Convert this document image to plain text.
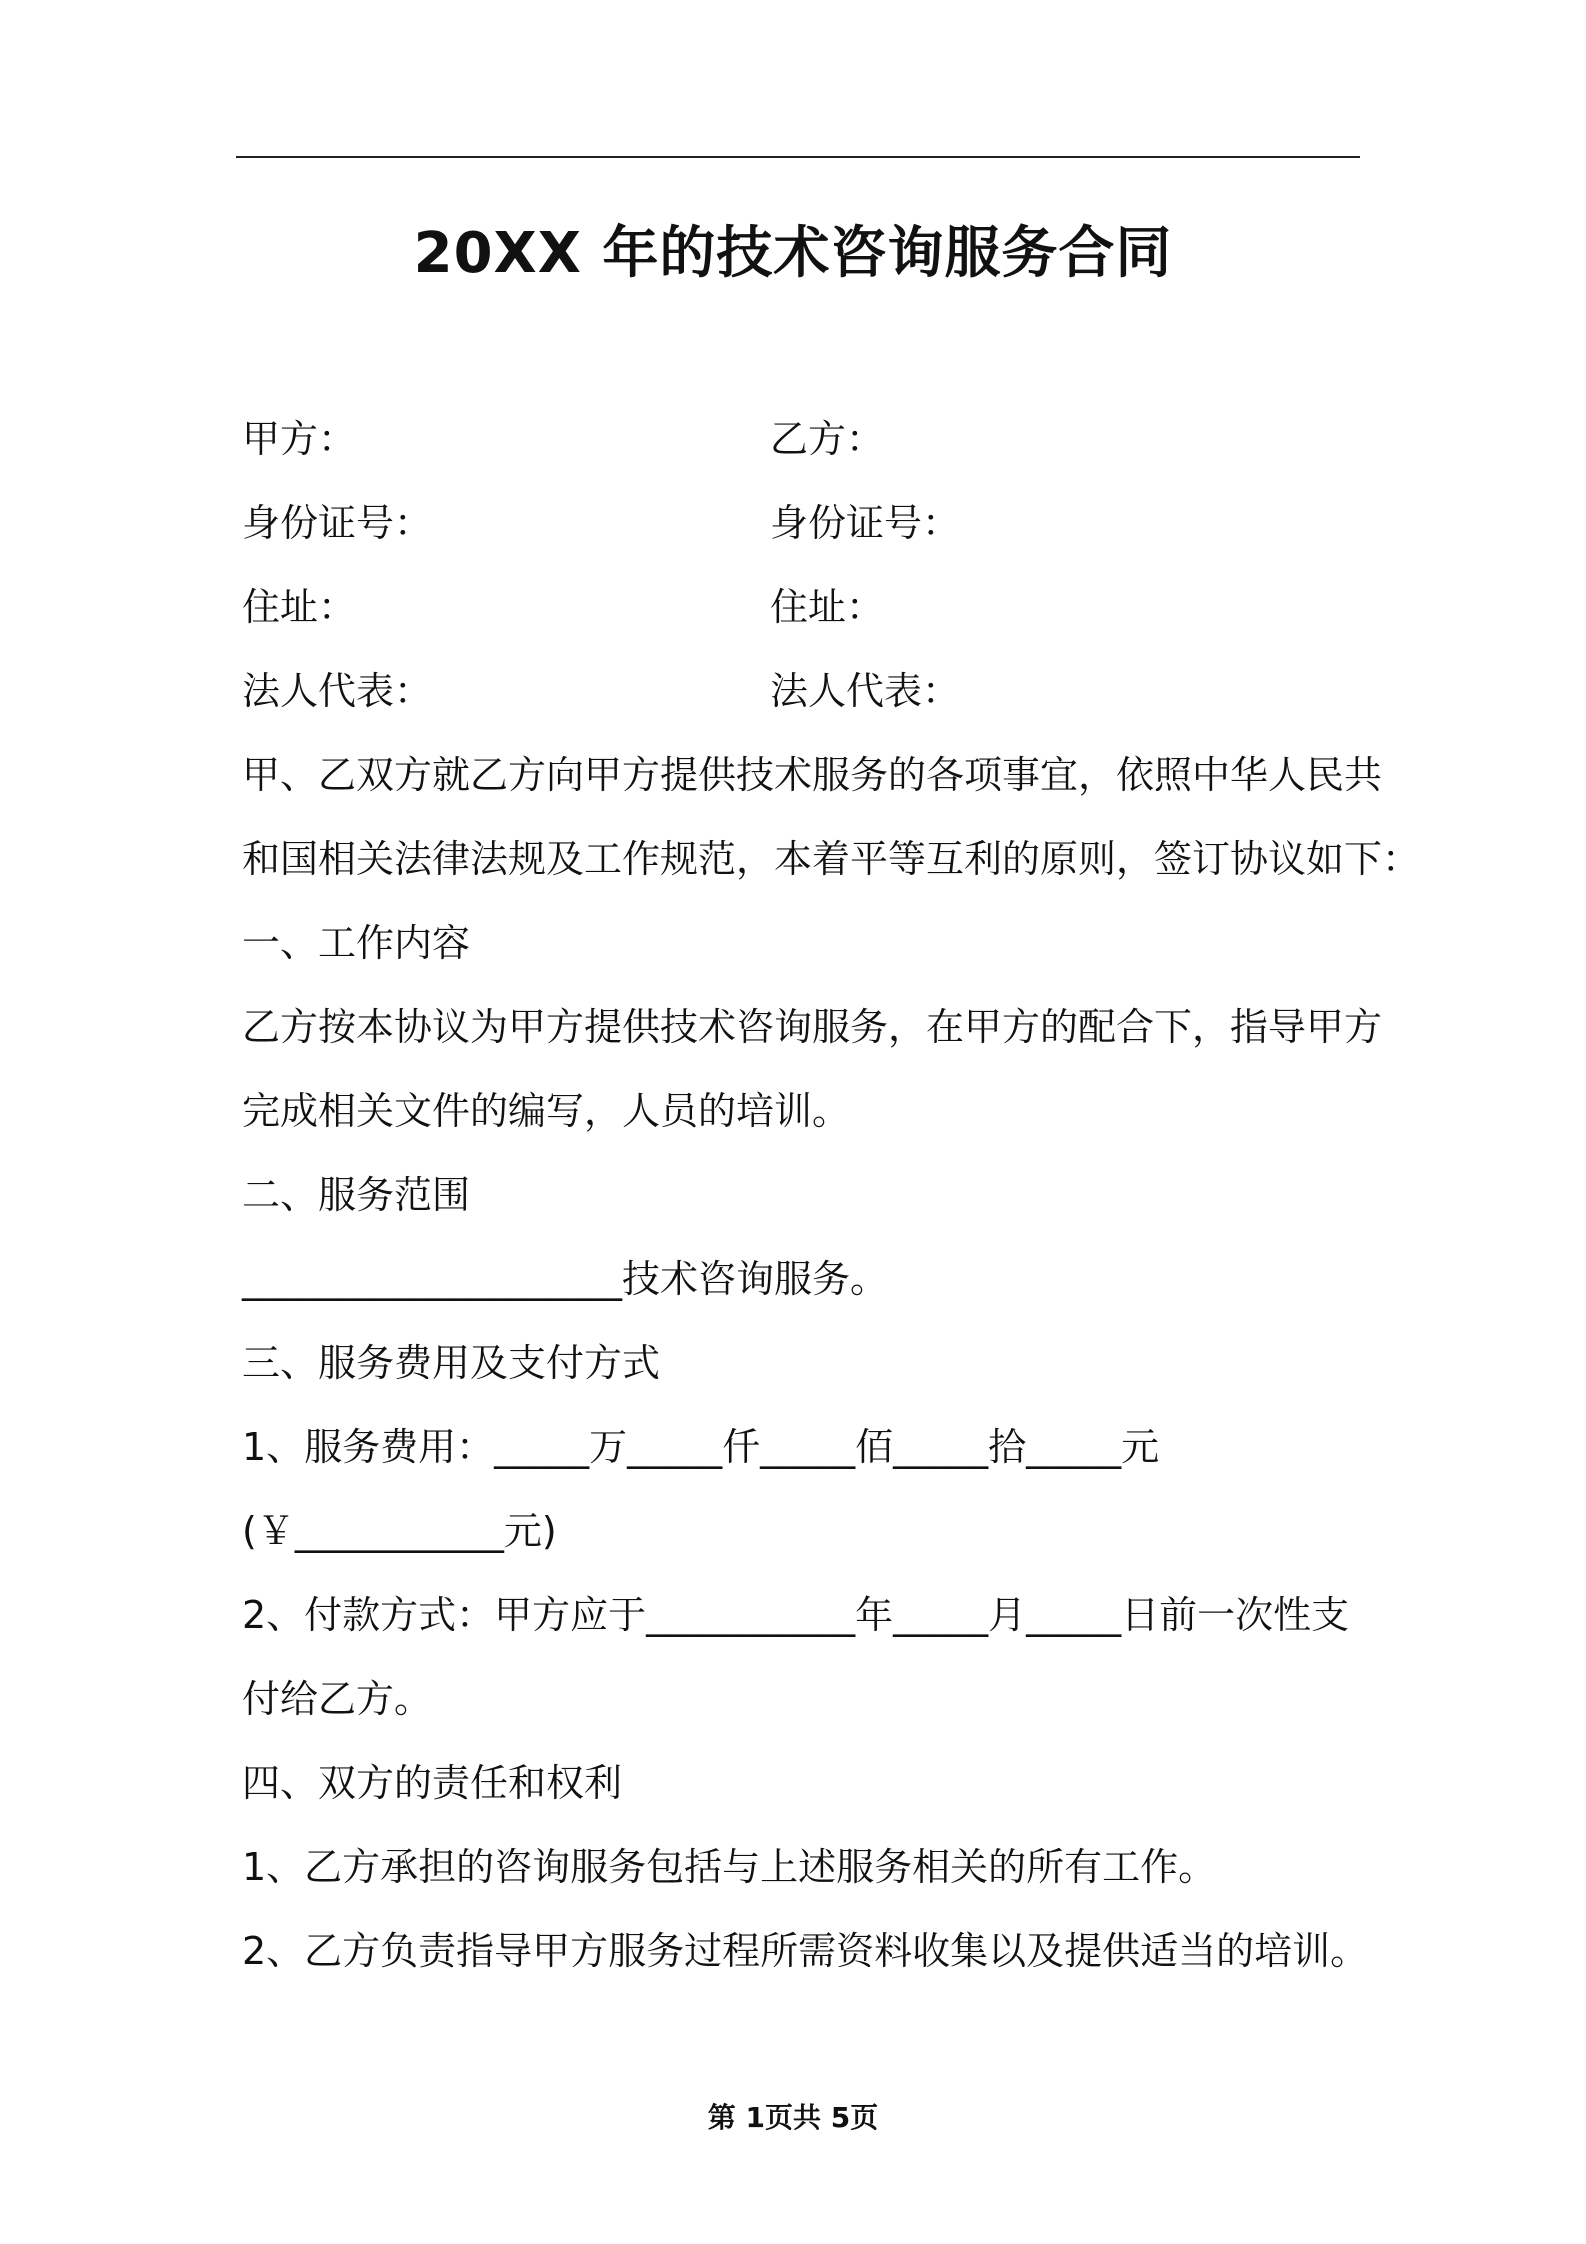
20XX 年的技术咨询服务合同
甲方：	乙方：
身份证号：	身份证号：
住址：	住址：
法人代表：	法人代表：
甲、乙双方就乙方向甲方提供技术服务的各项事宜，依照中华人民共
和国相关法律法规及工作规范，本着平等互利的原则，签订协议如下：
一、工作内容
乙方按本协议为甲方提供技术咨询服务，在甲方的配合下，指导甲方
完成相关文件的编写，人员的培训。
二、服务范围
____________________技术咨询服务。
三、服务费用及支付方式
1、服务费用：_____万_____仟_____佰_____拾_____元
(￥___________元)
2、付款方式：甲方应于___________年_____月_____日前一次性支
付给乙方。
四、双方的责任和权利
1、乙方承担的咨询服务包括与上述服务相关的所有工作。
2、乙方负责指导甲方服务过程所需资料收集以及提供适当的培训。
第 1页共 5页
